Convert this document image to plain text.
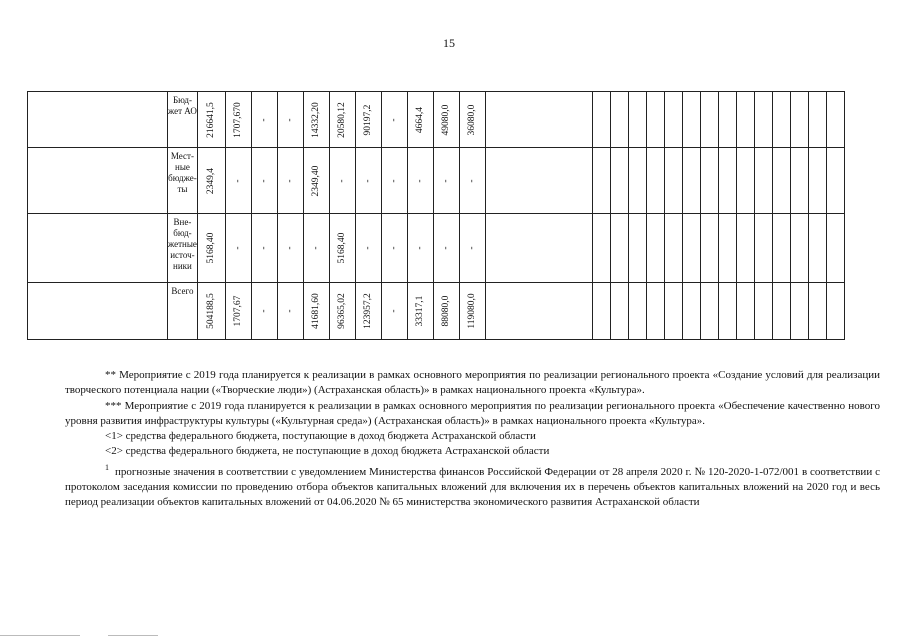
15
	Бюд-жет АО	216641,5	1707,670	-	-	14332,20	20580,12	90197,2	-	4664,4	49080,0	36080,0															

	Мест-ные бюдже-ты	2349,4	-	-	-	2349,40	-	-	-	-	-	-															

	Вне-бюд-жетные источ-ники	5168,40	-	-	-	-	5168,40	-	-	-	-	-															

	Всего	504188,5	1707,67	-	-	41681,60	96365,02	123957,2	-	33317,1	88080,0	119080,0															

** Мероприятие с 2019 года планируется к реализации в рамках основного мероприятия по реализации регионального проекта «Создание условий для реализации творческого потенциала нации («Творческие люди») (Астраханская область)» в рамках национального проекта «Культура».

*** Мероприятие с 2019 года планируется к реализации в рамках основного мероприятия по реализации регионального проекта «Обеспечение качественно нового уровня развития инфраструктуры культуры («Культурная среда») (Астраханская область)» в рамках национального проекта «Культура».

<1> средства федерального бюджета, поступающие в доход бюджета Астраханской области

<2> средства федерального бюджета, не поступающие в доход бюджета Астраханской области

$^1$ прогнозные значения в соответствии с уведомлением Министерства финансов Российской Федерации от 28 апреля 2020 г. № 120-2020-1-072/001 в соответствии с протоколом заседания комиссии по проведению отбора объектов капитальных вложений для включения их в перечень объектов капитальных вложений на 2020 год и весь период реализации объектов капитальных вложений от 04.06.2020 № 65 министерства экономического развития Астраханской области
